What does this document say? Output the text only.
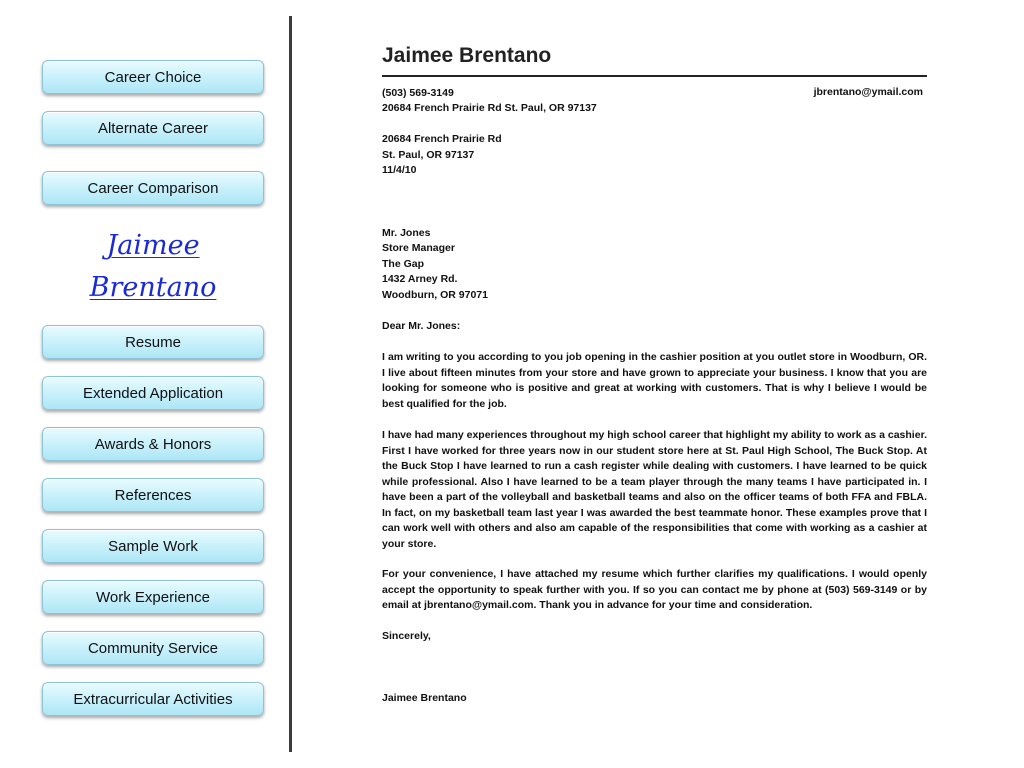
Career Choice
Alternate Career
Career Comparison
Jaimee
Brentano
Resume
Extended Application
Awards & Honors
References
Sample Work
Work Experience
Community Service
Extracurricular Activities
Jaimee Brentano
(503) 569-3149	jbrentano@ymail.com
20684 French Prairie Rd St. Paul, OR 97137
20684 French Prairie Rd
St. Paul, OR 97137
11/4/10
Mr. Jones
Store Manager
The Gap
1432 Arney Rd.
Woodburn, OR 97071
Dear Mr. Jones:
I am writing to you according to you job opening in the cashier position at you outlet store in Woodburn, OR. I live about fifteen minutes from your store and have grown to appreciate your business. I know that you are looking for someone who is positive and great at working with customers. That is why I believe I would be best qualified for the job.
I have had many experiences throughout my high school career that highlight my ability to work as a cashier. First I have worked for three years now in our student store here at St. Paul High School, The Buck Stop. At the Buck Stop I have learned to run a cash register while dealing with customers. I have learned to be quick while professional. Also I have learned to be a team player through the many teams I have participated in. I have been a part of the volleyball and basketball teams and also on the officer teams of both FFA and FBLA. In fact, on my basketball team last year I was awarded the best teammate honor. These examples prove that I can work well with others and also am capable of the responsibilities that come with working as a cashier at your store.
For your convenience, I have attached my resume which further clarifies my qualifications. I would openly accept the opportunity to speak further with you. If so you can contact me by phone at (503) 569-3149 or by email at jbrentano@ymail.com. Thank you in advance for your time and consideration.
Sincerely,
Jaimee Brentano
